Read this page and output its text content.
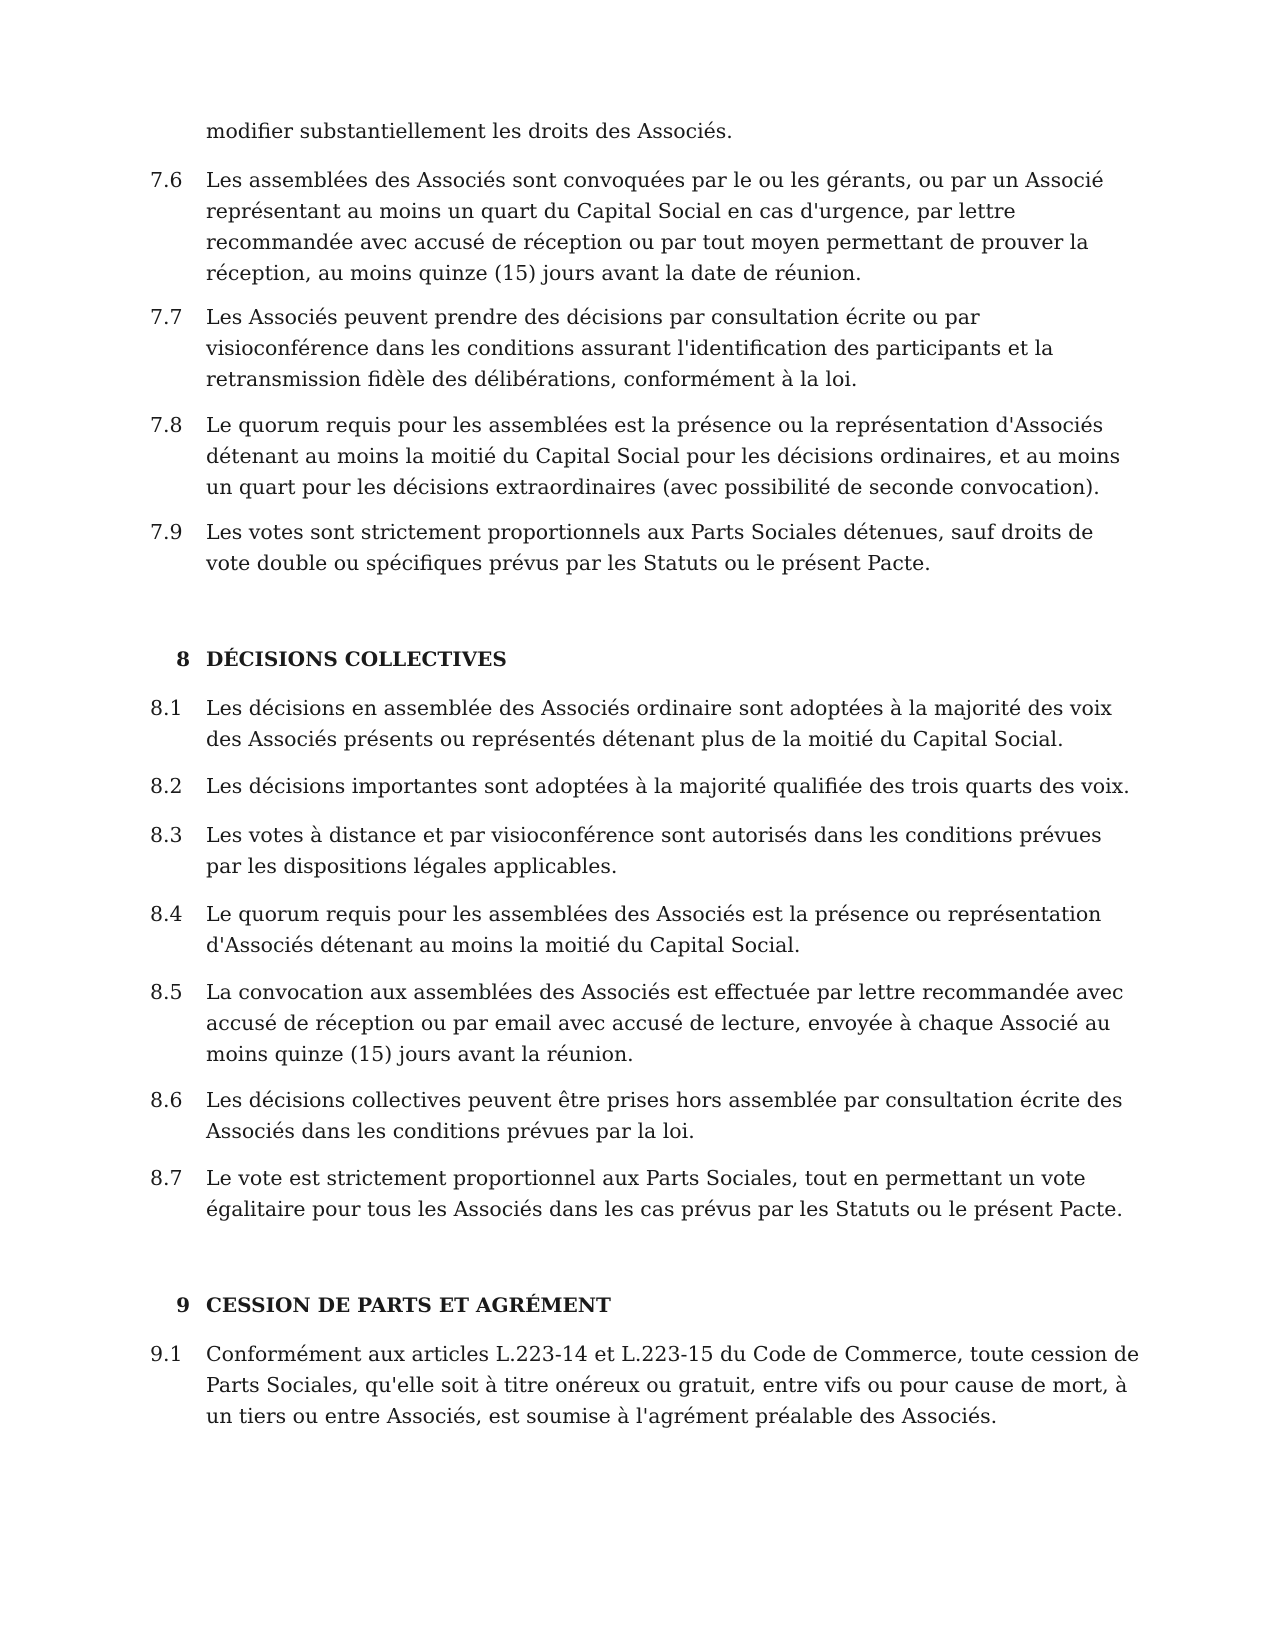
modifier substantiellement les droits des Associés.
7.6	Les assemblées des Associés sont convoquées par le ou les gérants, ou par un Associé représentant au moins un quart du Capital Social en cas d'urgence, par lettre recommandée avec accusé de réception ou par tout moyen permettant de prouver la réception, au moins quinze (15) jours avant la date de réunion.
7.7	Les Associés peuvent prendre des décisions par consultation écrite ou par visioconférence dans les conditions assurant l'identification des participants et la retransmission fidèle des délibérations, conformément à la loi.
7.8	Le quorum requis pour les assemblées est la présence ou la représentation d'Associés détenant au moins la moitié du Capital Social pour les décisions ordinaires, et au moins un quart pour les décisions extraordinaires (avec possibilité de seconde convocation).
7.9	Les votes sont strictement proportionnels aux Parts Sociales détenues, sauf droits de vote double ou spécifiques prévus par les Statuts ou le présent Pacte.
8 DÉCISIONS COLLECTIVES
8.1	Les décisions en assemblée des Associés ordinaire sont adoptées à la majorité des voix des Associés présents ou représentés détenant plus de la moitié du Capital Social.
8.2	Les décisions importantes sont adoptées à la majorité qualifiée des trois quarts des voix.
8.3	Les votes à distance et par visioconférence sont autorisés dans les conditions prévues par les dispositions légales applicables.
8.4	Le quorum requis pour les assemblées des Associés est la présence ou représentation d'Associés détenant au moins la moitié du Capital Social.
8.5	La convocation aux assemblées des Associés est effectuée par lettre recommandée avec accusé de réception ou par email avec accusé de lecture, envoyée à chaque Associé au moins quinze (15) jours avant la réunion.
8.6	Les décisions collectives peuvent être prises hors assemblée par consultation écrite des Associés dans les conditions prévues par la loi.
8.7	Le vote est strictement proportionnel aux Parts Sociales, tout en permettant un vote égalitaire pour tous les Associés dans les cas prévus par les Statuts ou le présent Pacte.
9 CESSION DE PARTS ET AGRÉMENT
9.1	Conformément aux articles L.223-14 et L.223-15 du Code de Commerce, toute cession de Parts Sociales, qu'elle soit à titre onéreux ou gratuit, entre vifs ou pour cause de mort, à un tiers ou entre Associés, est soumise à l'agrément préalable des Associés.
